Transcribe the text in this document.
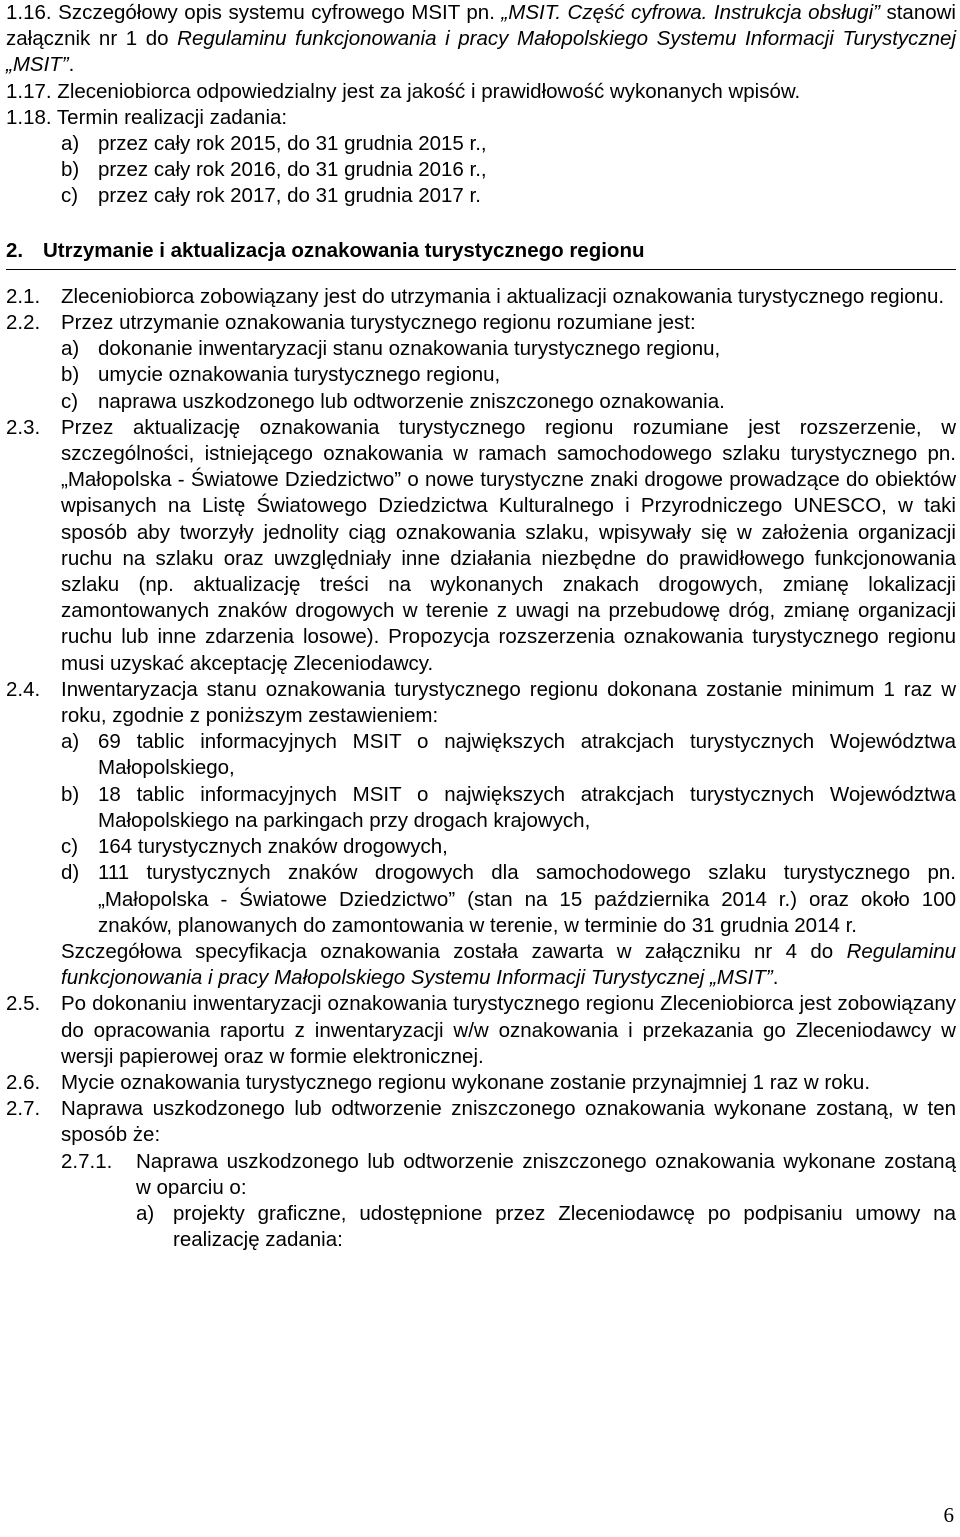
1.16. Szczegółowy opis systemu cyfrowego MSIT pn. „MSIT. Część cyfrowa. Instrukcja obsługi” stanowi załącznik nr 1 do Regulaminu funkcjonowania i pracy Małopolskiego Systemu Informacji Turystycznej „MSIT”.
1.17. Zleceniobiorca odpowiedzialny jest za jakość i prawidłowość wykonanych wpisów.
1.18. Termin realizacji zadania:
a) przez cały rok 2015, do 31 grudnia 2015 r.,
b) przez cały rok 2016, do 31 grudnia 2016 r.,
c) przez cały rok 2017, do 31 grudnia 2017 r.
2. Utrzymanie i aktualizacja oznakowania turystycznego regionu
2.1.	Zleceniobiorca zobowiązany jest do utrzymania i aktualizacji oznakowania turystycznego regionu.
2.2.	Przez utrzymanie oznakowania turystycznego regionu rozumiane jest:
a) dokonanie inwentaryzacji stanu oznakowania turystycznego regionu,
b) umycie oznakowania turystycznego regionu,
c) naprawa uszkodzonego lub odtworzenie zniszczonego oznakowania.
2.3.	Przez aktualizację oznakowania turystycznego regionu rozumiane jest rozszerzenie, w szczególności, istniejącego oznakowania w ramach samochodowego szlaku turystycznego pn. „Małopolska - Światowe Dziedzictwo” o nowe turystyczne znaki drogowe prowadzące do obiektów wpisanych na Listę Światowego Dziedzictwa Kulturalnego i Przyrodniczego UNESCO, w taki sposób aby tworzyły jednolity ciąg oznakowania szlaku, wpisywały się w założenia organizacji ruchu na szlaku oraz uwzględniały inne działania niezbędne do prawidłowego funkcjonowania szlaku (np. aktualizację treści na wykonanych znakach drogowych, zmianę lokalizacji zamontowanych znaków drogowych w terenie z uwagi na przebudowę dróg, zmianę organizacji ruchu lub inne zdarzenia losowe). Propozycja rozszerzenia oznakowania turystycznego regionu musi uzyskać akceptację Zleceniodawcy.
2.4.	Inwentaryzacja stanu oznakowania turystycznego regionu dokonana zostanie minimum 1 raz w roku, zgodnie z poniższym zestawieniem:
a) 69 tablic informacyjnych MSIT o największych atrakcjach turystycznych Województwa Małopolskiego,
b) 18 tablic informacyjnych MSIT o największych atrakcjach turystycznych Województwa Małopolskiego na parkingach przy drogach krajowych,
c) 164 turystycznych znaków drogowych,
d) 111 turystycznych znaków drogowych dla samochodowego szlaku turystycznego pn. „Małopolska - Światowe Dziedzictwo” (stan na 15 października 2014 r.) oraz około 100 znaków, planowanych do zamontowania w terenie, w terminie do 31 grudnia 2014 r.
Szczegółowa specyfikacja oznakowania została zawarta w załączniku nr 4 do Regulaminu funkcjonowania i pracy Małopolskiego Systemu Informacji Turystycznej „MSIT”.
2.5.	Po dokonaniu inwentaryzacji oznakowania turystycznego regionu Zleceniobiorca jest zobowiązany do opracowania raportu z inwentaryzacji w/w oznakowania i przekazania go Zleceniodawcy w wersji papierowej oraz w formie elektronicznej.
2.6.	Mycie oznakowania turystycznego regionu wykonane zostanie przynajmniej 1 raz w roku.
2.7.	Naprawa uszkodzonego lub odtworzenie zniszczonego oznakowania wykonane zostaną, w ten sposób że:
2.7.1.	Naprawa uszkodzonego lub odtworzenie zniszczonego oznakowania wykonane zostaną w oparciu o:
a) projekty graficzne, udostępnione przez Zleceniodawcę po podpisaniu umowy na realizację zadania:
6
